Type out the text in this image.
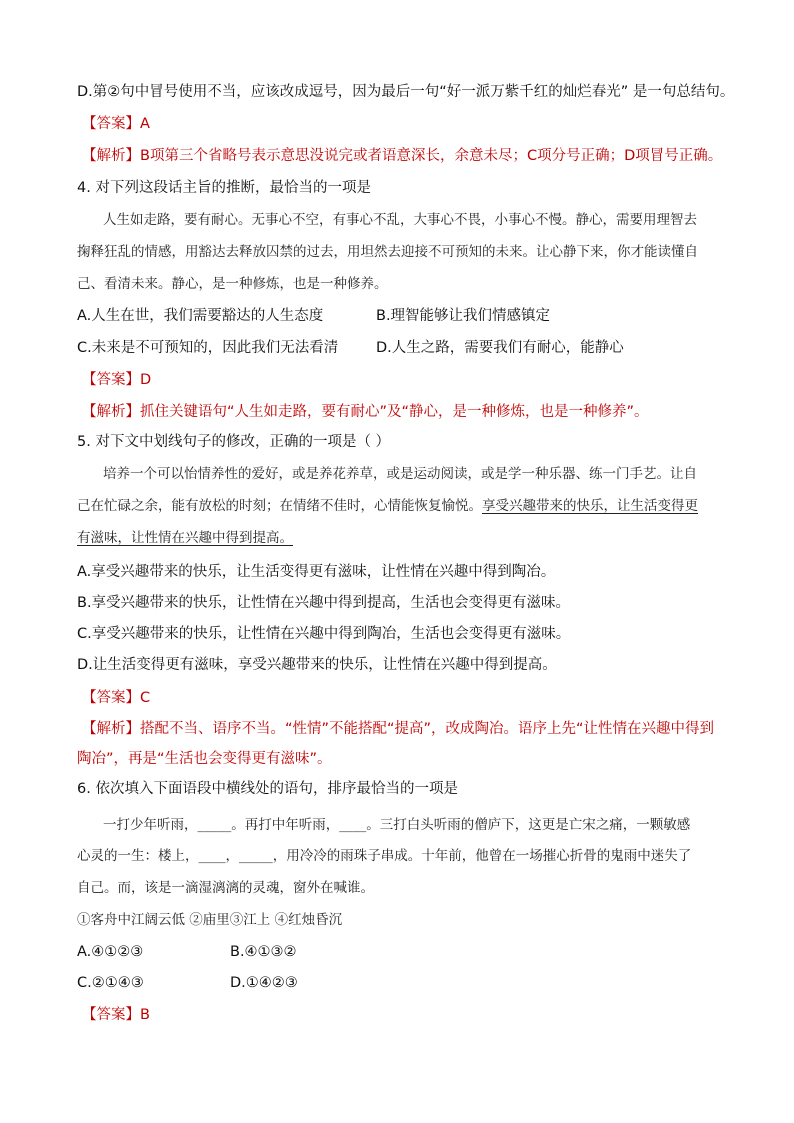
D.第②句中冒号使用不当，应该改成逗号，因为最后一句“好一派万紫千红的灿烂春光” 是一句总结句。
【答案】A
【解析】B项第三个省略号表示意思没说完或者语意深长，余意未尽；C项分号正确；D项冒号正确。
4. 对下列这段话主旨的推断，最恰当的一项是
人生如走路，要有耐心。无事心不空，有事心不乱，大事心不畏，小事心不慢。静心，需要用理智去
掬释狂乱的情感，用豁达去释放囚禁的过去，用坦然去迎接不可预知的未来。让心静下来，你才能读懂自
己、看清未来。静心，是一种修炼，也是一种修养。
A.人生在世，我们需要豁达的人生态度	B.理智能够让我们情感镇定
C.未来是不可预知的，因此我们无法看清	D.人生之路，需要我们有耐心，能静心
【答案】D
【解析】抓住关键语句“人生如走路，要有耐心”及“静心，是一种修炼，也是一种修养”。
5. 对下文中划线句子的修改，正确的一项是（ ）
培养一个可以怡情养性的爱好，或是养花养草，或是运动阅读，或是学一种乐器、练一门手艺。让自
己在忙碌之余，能有放松的时刻；在情绪不佳时，心情能恢复愉悦。享受兴趣带来的快乐，让生活变得更
有滋味，让性情在兴趣中得到提高。
A.享受兴趣带来的快乐，让生活变得更有滋味，让性情在兴趣中得到陶冶。
B.享受兴趣带来的快乐，让性情在兴趣中得到提高，生活也会变得更有滋味。
C.享受兴趣带来的快乐，让性情在兴趣中得到陶冶，生活也会变得更有滋味。
D.让生活变得更有滋味，享受兴趣带来的快乐，让性情在兴趣中得到提高。
【答案】C
【解析】搭配不当、语序不当。“性情”不能搭配“提高”，改成陶冶。语序上先“让性情在兴趣中得到
陶冶”，再是“生活也会变得更有滋味”。
6. 依次填入下面语段中横线处的语句，排序最恰当的一项是
一打少年听雨，_____。再打中年听雨，____。三打白头听雨的僧庐下，这更是亡宋之痛，一颗敏感
心灵的一生：楼上，____，_____，用冷冷的雨珠子串成。十年前，他曾在一场摧心折骨的鬼雨中迷失了
自己。而，该是一滴湿漓漓的灵魂，窗外在喊谁。
①客舟中江阔云低 ②庙里③江上 ④红烛昏沉
A.④①②③	B.④①③②
C.②①④③	D.①④②③
【答案】B
